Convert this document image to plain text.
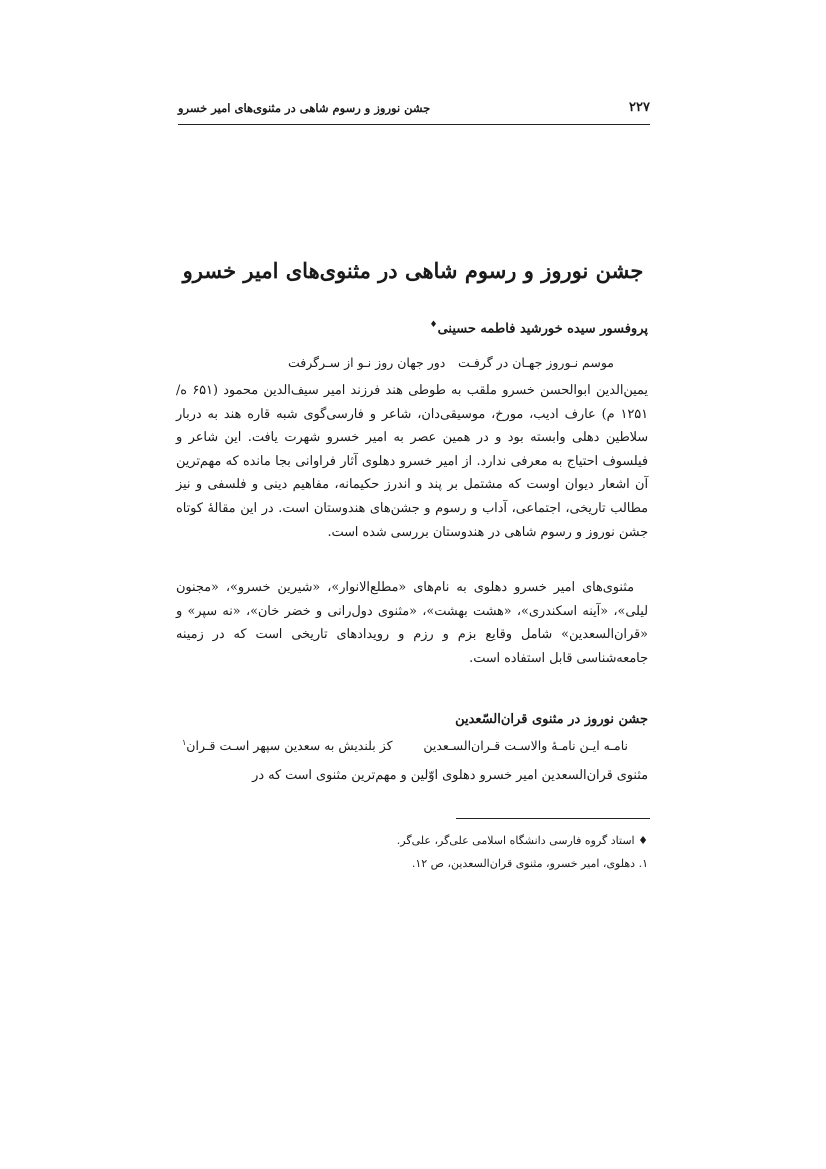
۲۲۷
جشن نوروز و رسوم شاهی در مثنوی‌های امیر خسرو
جشن نوروز و رسوم شاهی در مثنوی‌های امیر خسرو
پروفسور سیده خورشید فاطمه حسینی♦
موسم نـوروز جهـان در گرفـت
دور جهان روز نـو از سـرگرفت
یمین‌الدین ابوالحسن خسرو ملقب به طوطی هند فرزند امیر سیف‌الدین محمود (۶۵۱ ه/ ۱۲۵۱ م) عارف ادیب، مورخ، موسیقی‌دان، شاعر و فارسی‌گوی شبه قاره هند به دربار سلاطین دهلی وابسته بود و در همین عصر به امیر خسرو شهرت یافت. این شاعر و فیلسوف احتیاج به معرفی ندارد. از امیر خسرو دهلوی آثار فراوانی بجا مانده که مهم‌ترین آن اشعار دیوان اوست که مشتمل بر پند و اندرز حکیمانه، مفاهیم دینی و فلسفی و نیز مطالب تاریخی، اجتماعی، آداب و رسوم و جشن‌های هندوستان است. در این مقالهٔ کوتاه جشن نوروز و رسوم شاهی در هندوستان بررسی شده است.
مثنوی‌های امیر خسرو دهلوی به نام‌های «مطلع‌الانوار»، «شیرین خسرو»، «مجنون لیلی»، «آینه اسکندری»، «هشت بهشت»، «مثنوی دول‌رانی و خضر خان»، «نه سپر» و «قران‌السعدین» شامل وقایع بزم و رزم و رویدادهای تاریخی است که در زمینه جامعه‌شناسی قابل استفاده است.
جشن نوروز در مثنوی قران‌السّعدین
نامـه ایـن نامـۀ والاسـت قـران‌السـعدین
کز بلندیش به سعدین سپهر اسـت قـران$^۱$
مثنوی قران‌السعدین امیر خسرو دهلوی اوّلین و مهم‌ترین مثنوی است که در
♦ استاد گروه فارسی دانشگاه اسلامی علی‌گر، علی‌گر.
۱. دهلوی، امیر خسرو، مثنوی قران‌السعدین، ص ۱۲.
